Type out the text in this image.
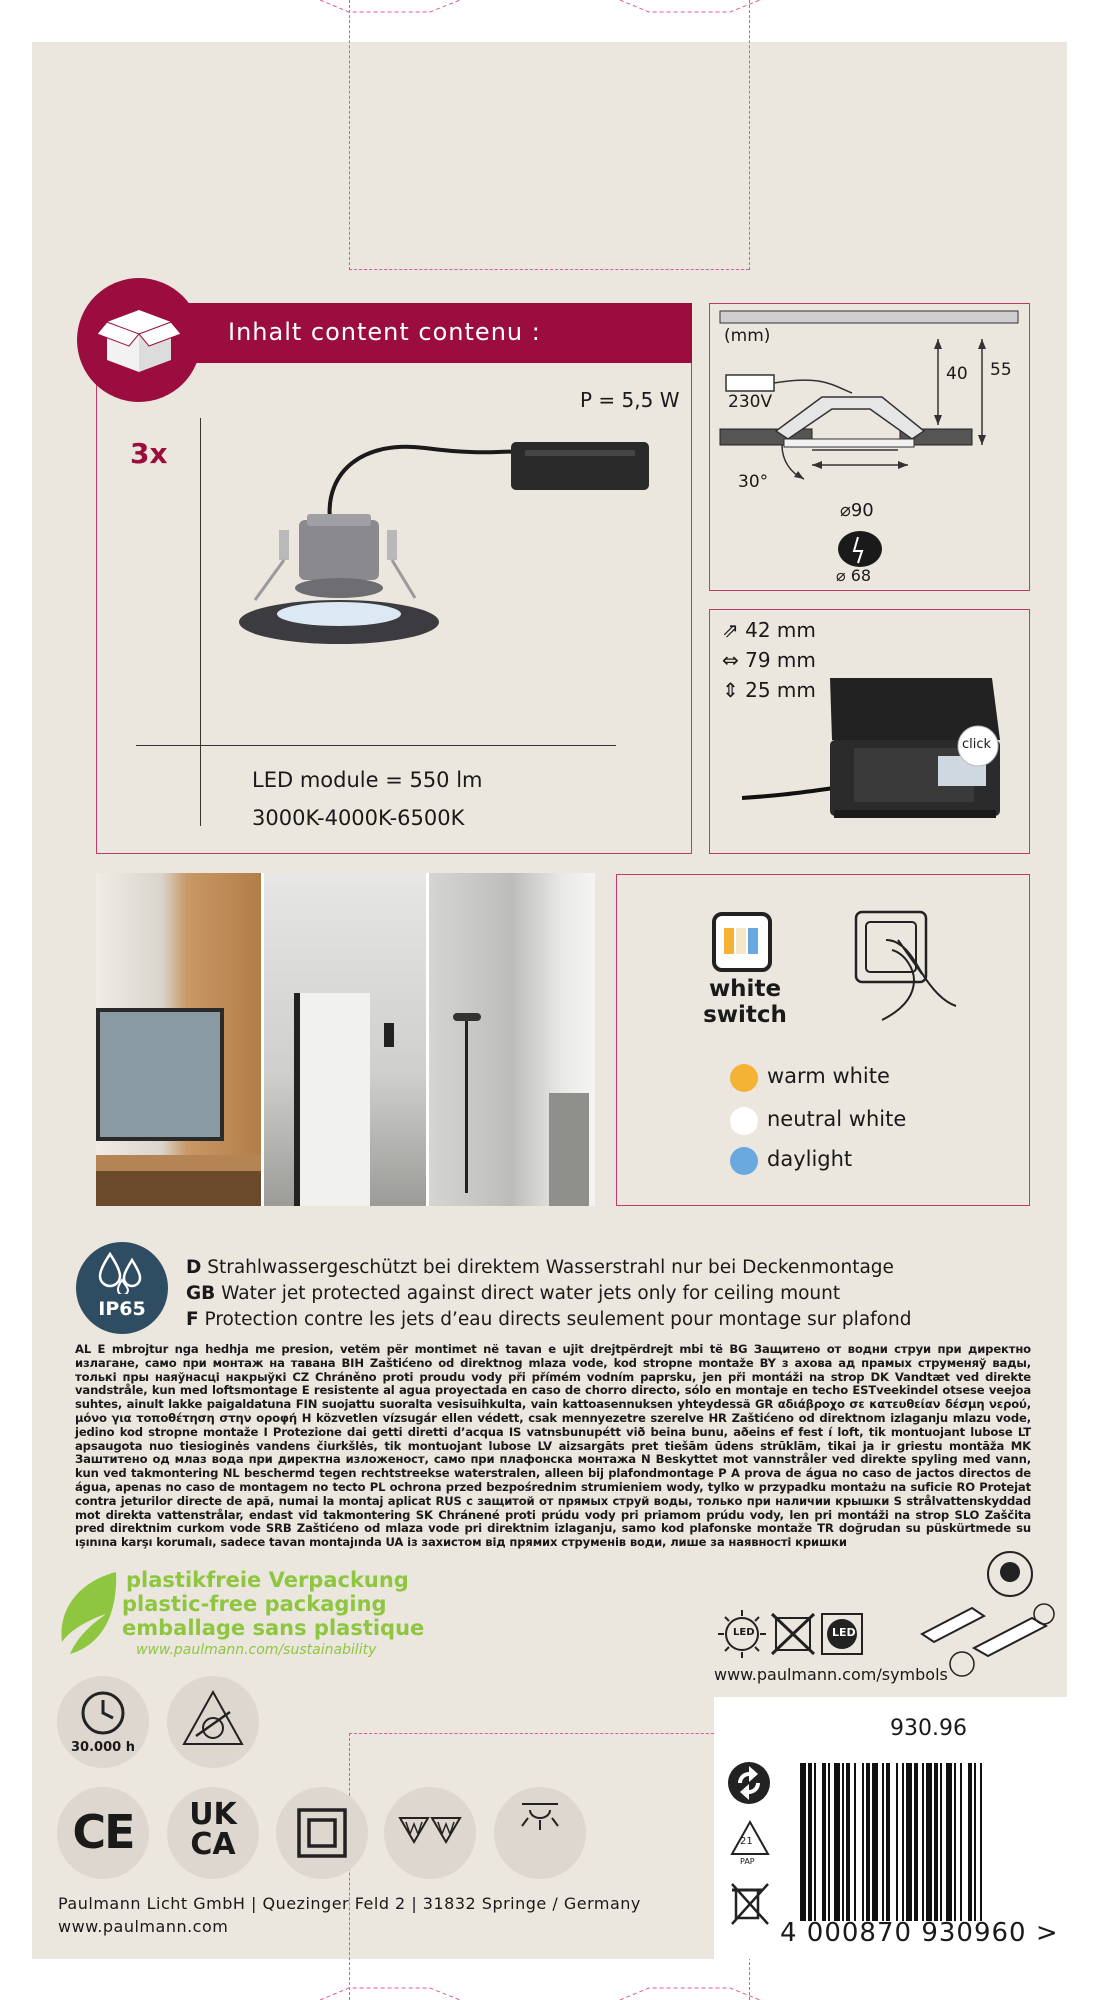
Inhalt content contenu :
3x
P = 5,5 W
LED module = 550 lm
3000K-4000K-6500K
(mm)
230V
40 55
30°
⌀90
⌀ 68
⇗ 42 mm
⇔ 79 mm
⇕ 25 mm
click
white
switch
warm white
neutral white
daylight
IP65
D Strahlwassergeschützt bei direktem Wasserstrahl nur bei Deckenmontage
GB Water jet protected against direct water jets only for ceiling mount
F Protection contre les jets d’eau directs seulement pour montage sur plafond
AL E mbrojtur nga hedhja me presion, vetëm për montimet në tavan e ujit drejtpërdrejt mbi të BG Защитено от водни струи при директно излагане, само при монтаж на тавана BIH Zaštićeno od direktnog mlaza vode, kod stropne montaže BY з ахова ад прамых струменяў вады, толькі пры наяўнасці накрыўкі CZ Chráněno proti proudu vody při přímém vodním paprsku, jen při montáži na strop DK Vandtæt ved direkte vandstråle, kun med loftsmontage E resistente al agua proyectada en caso de chorro directo, sólo en montaje en techo ESTveekindel otsese veejoa suhtes, ainult lakke paigaldatuna FIN suojattu suoralta vesisuihkulta, vain kattoasennuksen yhteydessä GR αδιάβροχο σε κατευθείαν δέσμη νερού, μόνο για τοποθέτηση στην οροφή H közvetlen vízsugár ellen védett, csak mennyezetre szerelve HR Zaštićeno od direktnom izlaganju mlazu vode, jedino kod stropne montaže I Protezione dai getti diretti d’acqua IS vatnsbunupétt við beina bunu, aðeins ef fest í loft, tik montuojant lubose LT apsaugota nuo tiesioginės vandens čiurkšlės, tik montuojant lubose LV aizsargāts pret tiešām ūdens strūklām, tikai ja ir griestu montāža MK Заштитено од млаз вода при директна изложеност, само при плафонска монтажа N Beskyttet mot vannstråler ved direkte spyling med vann, kun ved takmontering NL beschermd tegen rechtstreekse waterstralen, alleen bij plafondmontage P A prova de água no caso de jactos directos de água, apenas no caso de montagem no tecto PL ochrona przed bezpośrednim strumieniem wody, tylko w przypadku montażu na suficie RO Protejat contra jeturilor directe de apă, numai la montaj aplicat RUS с защитой от прямых струй воды, только при наличии крышки S strålvattenskyddad mot direkta vattenstrålar, endast vid takmontering SK Chránené proti prúdu vody pri priamom prúdu vody, len pri montáži na strop SLO Zaščita pred direktnim curkom vode SRB Zaštićeno od mlaza vode pri direktnim izlaganju, samo kod plafonske montaže TR doğrudan su püskürtmede su ışınına karşı korumalı, sadece tavan montajında UA із захистом від прямих струменів води, лише за наявності кришки
plastikfreie Verpackung
plastic-free packaging
emballage sans plastique
www.paulmann.com/sustainability
LED	LED
www.paulmann.com/symbols
30.000 h
CE	UK
CA
930.96
21
PAP
4 000870 930960 >
Paulmann Licht GmbH | Quezinger Feld 2 | 31832 Springe / Germany
www.paulmann.com
